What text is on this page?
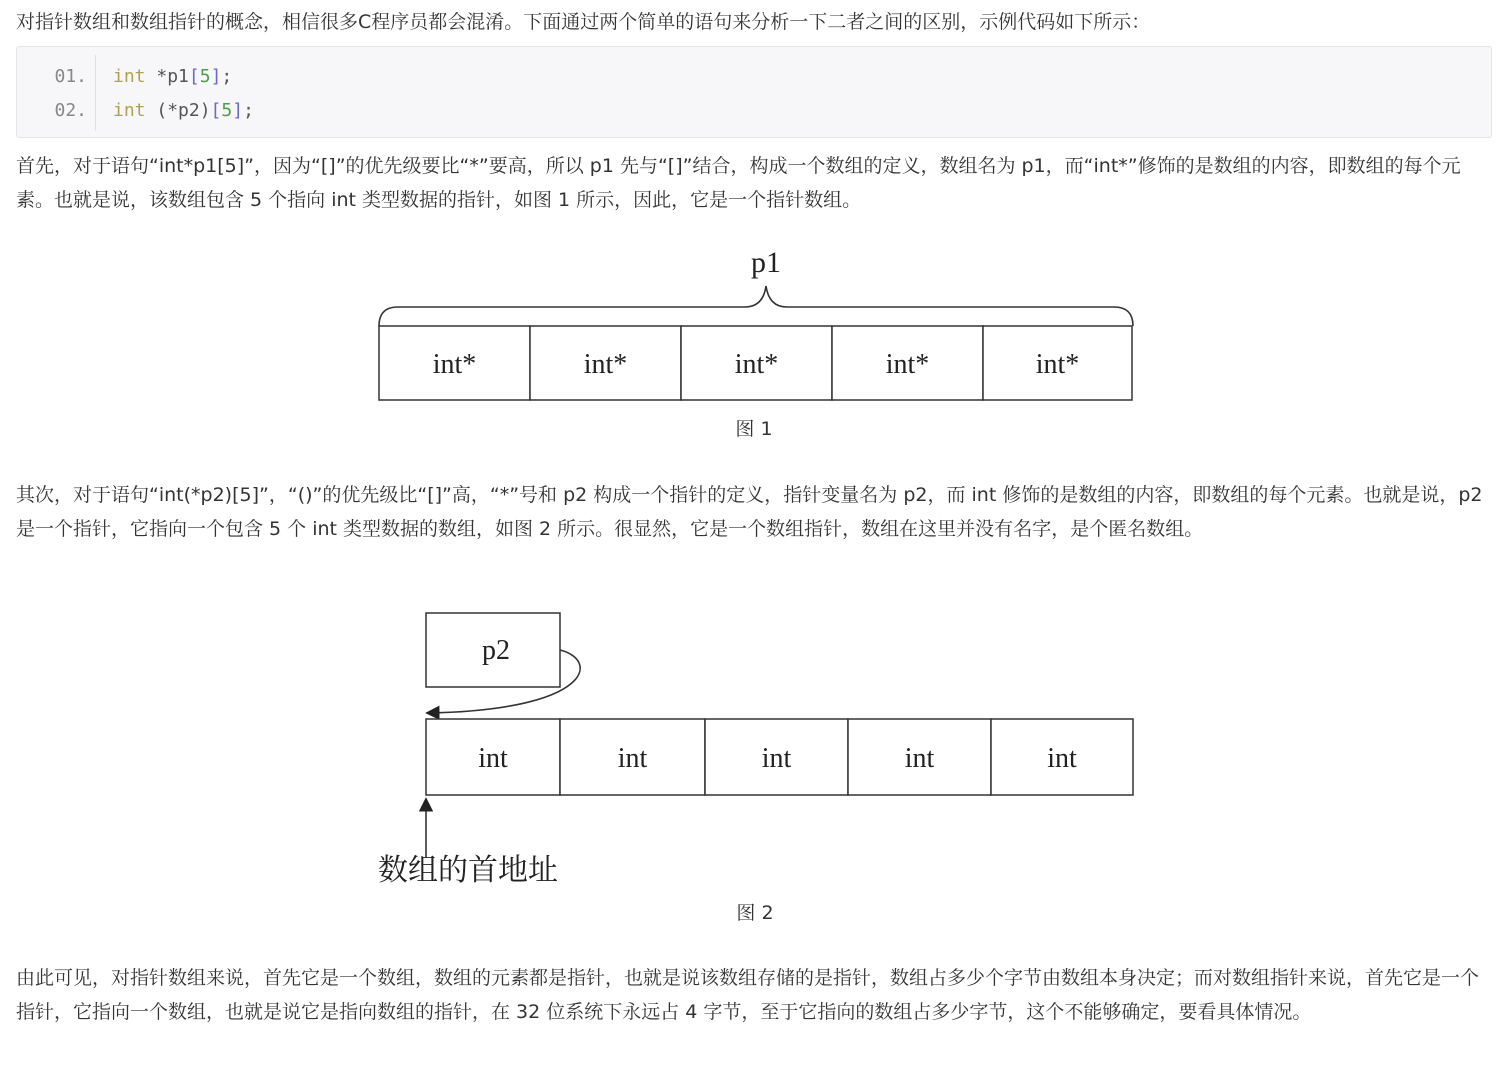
对指针数组和数组指针的概念，相信很多C程序员都会混淆。下面通过两个简单的语句来分析一下二者之间的区别，示例代码如下所示：

01. int *p1[5];
02. int (*p2)[5];

首先，对于语句“int*p1[5]”，因为“[]”的优先级要比“*”要高，所以 p1 先与“[]”结合，构成一个数组的定义，数组名为 p1，而“int*”修饰的是数组的内容，即数组的每个元素。也就是说，该数组包含 5 个指向 int 类型数据的指针，如图 1 所示，因此，它是一个指针数组。

p1
int*	int*	int*	int*	int*
图 1

其次，对于语句“int(*p2)[5]”，“()”的优先级比“[]”高，“*”号和 p2 构成一个指针的定义，指针变量名为 p2，而 int 修饰的是数组的内容，即数组的每个元素。也就是说，p2 是一个指针，它指向一个包含 5 个 int 类型数据的数组，如图 2 所示。很显然，它是一个数组指针，数组在这里并没有名字，是个匿名数组。

p2
int	int	int	int	int
数组的首地址
图 2

由此可见，对指针数组来说，首先它是一个数组，数组的元素都是指针，也就是说该数组存储的是指针，数组占多少个字节由数组本身决定；而对数组指针来说，首先它是一个指针，它指向一个数组，也就是说它是指向数组的指针，在 32 位系统下永远占 4 字节，至于它指向的数组占多少字节，这个不能够确定，要看具体情况。
